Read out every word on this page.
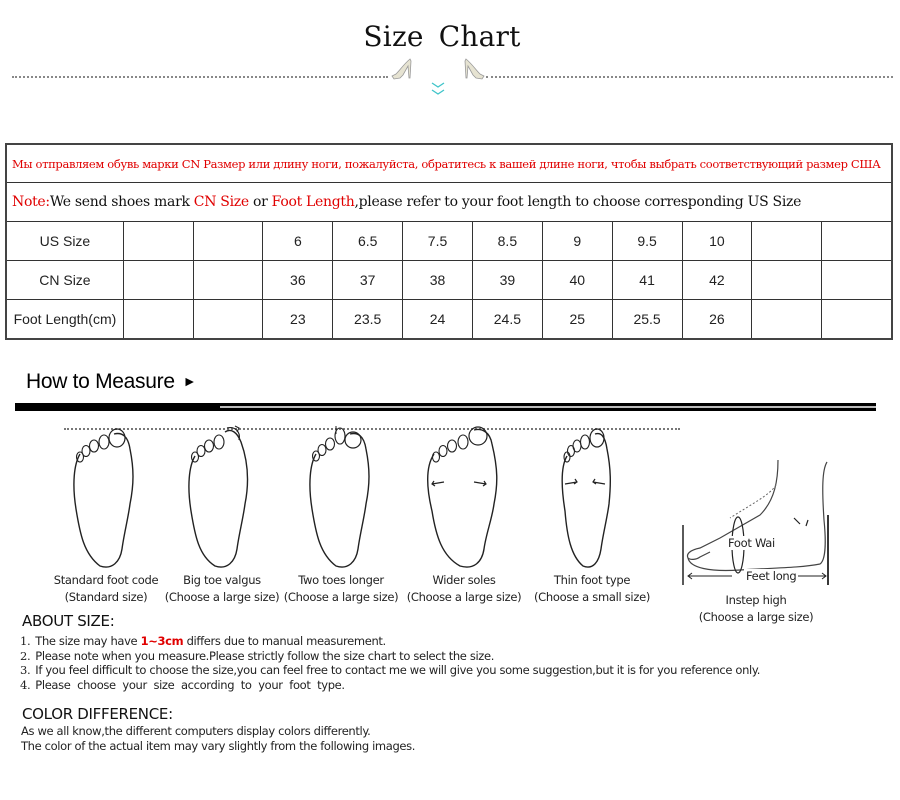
Size Chart
Мы отправляем обувь марки CN Размер или длину ноги, пожалуйста, обратитесь к вашей длине ноги, чтобы выбрать соответствующий размер США											
Note:We send shoes mark CN Size or Foot Length,please refer to your foot length to choose corresponding US Size											
US Size			6	6.5	7.5	8.5	9	9.5	10		
CN Size			36	37	38	39	40	41	42		
Foot Length(cm)			23	23.5	24	24.5	25	25.5	26		
How to Measure ►
Standard foot code
(Standard size)
Big toe valgus
(Choose a large size)
Two toes longer
(Choose a large size)
Wider soles
(Choose a large size)
Thin foot type
(Choose a small size)
Foot Wai
Feet long
Instep high
(Choose a large size)
ABOUT SIZE:
1. The size may have 1~3cm differs due to manual measurement.
2. Please note when you measure.Please strictly follow the size chart to select the size.
3. If you feel difficult to choose the size,you can feel free to contact me we will give you some suggestion,but it is for you reference only.
4. Please  choose  your  size  according  to  your  foot  type.
COLOR DIFFERENCE:
As we all know,the different computers display colors differently.
The color of the actual item may vary slightly from the following images.
